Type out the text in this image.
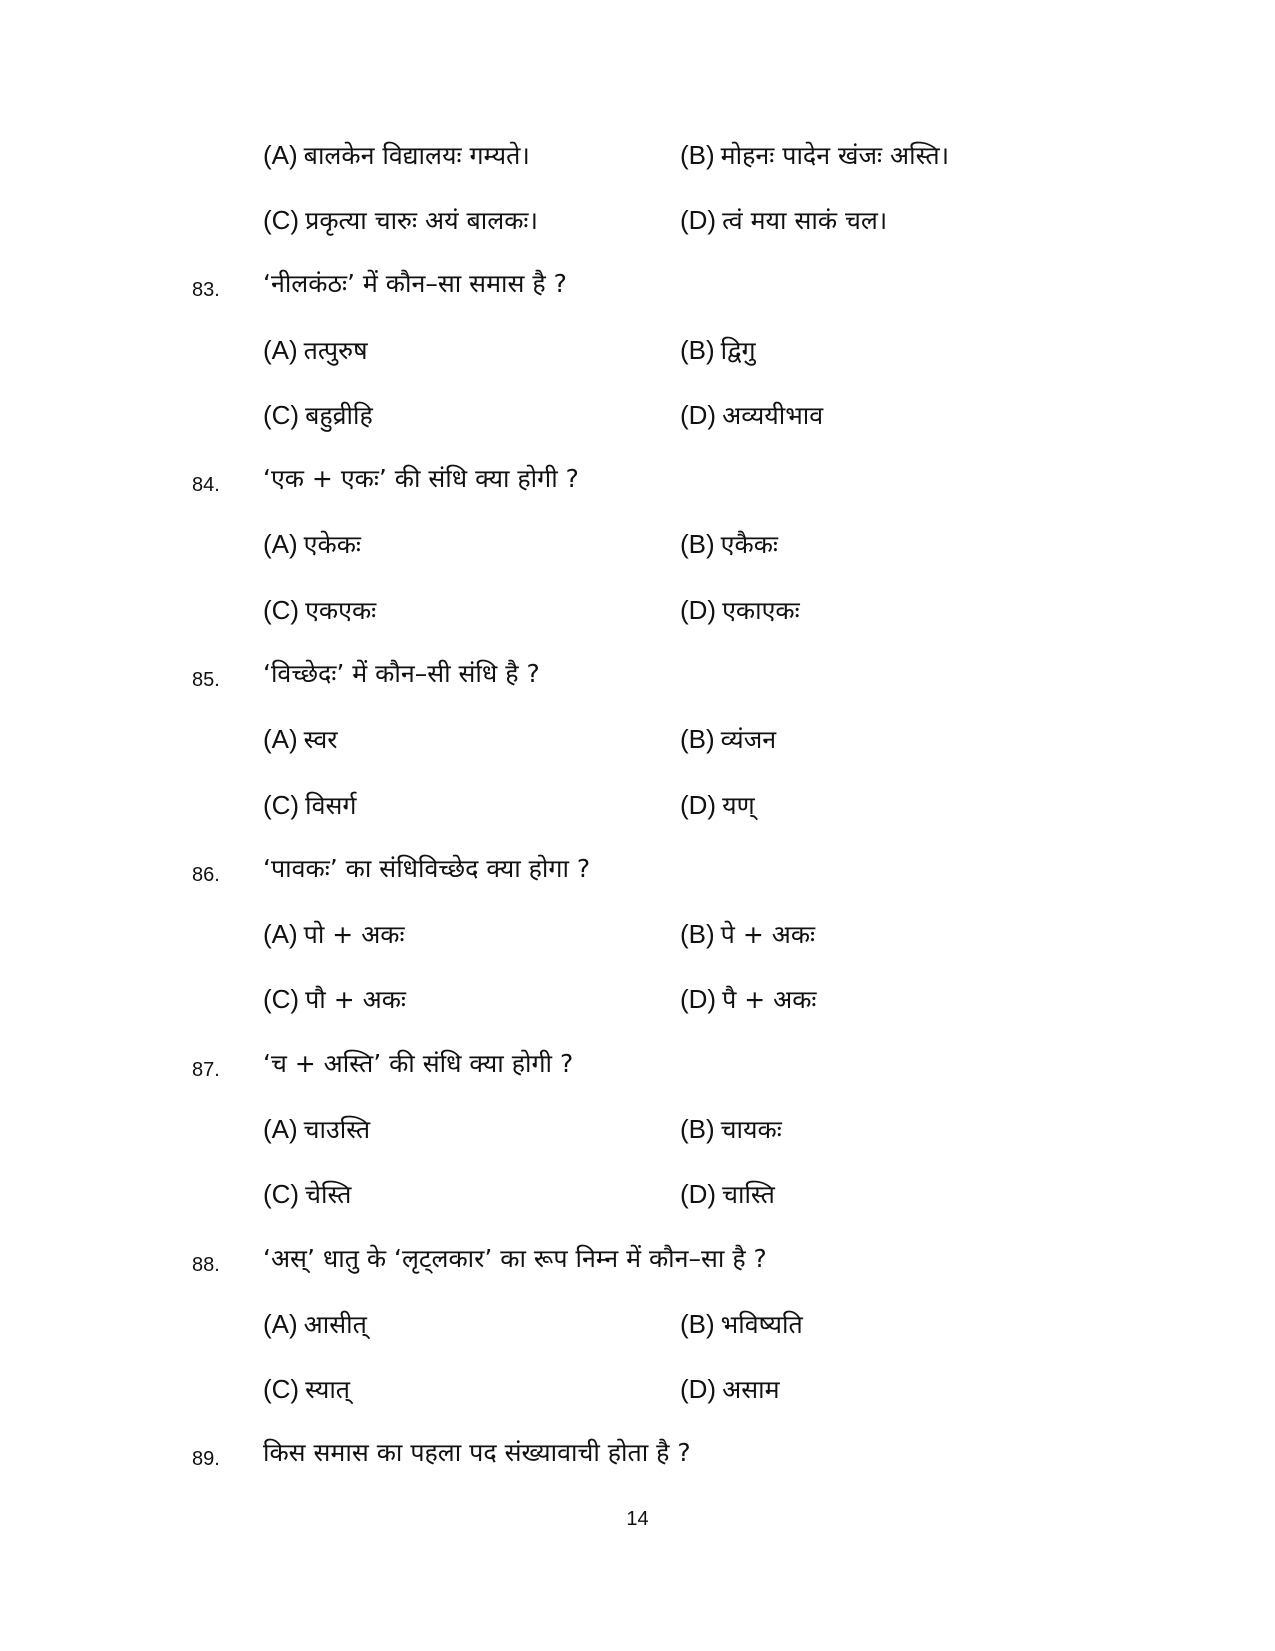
(A) बालकेन विद्यालयः गम्यते।	(B) मोहनः पादेन खंजः अस्ति।
(C) प्रकृत्या चारुः अयं बालकः।	(D) त्वं मया साकं चल।
83. ‘नीलकंठः’ में कौन–सा समास है ?
(A) तत्पुरुष	(B) द्विगु
(C) बहुव्रीहि	(D) अव्ययीभाव
84. ‘एक + एकः’ की संधि क्या होगी ?
(A) एकेकः	(B) एकैकः
(C) एकएकः	(D) एकाएकः
85. ‘विच्छेदः’ में कौन–सी संधि है ?
(A) स्वर	(B) व्यंजन
(C) विसर्ग	(D) यण्
86. ‘पावकः’ का संधिविच्छेद क्या होगा ?
(A) पो + अकः	(B) पे + अकः
(C) पौ + अकः	(D) पै + अकः
87. ‘च + अस्ति’ की संधि क्या होगी ?
(A) चाउस्ति	(B) चायकः
(C) चेस्ति	(D) चास्ति
88. ‘अस्’ धातु के ‘लृट्लकार’ का रूप निम्न में कौन–सा है ?
(A) आसीत्	(B) भविष्यति
(C) स्यात्	(D) असाम
89. किस समास का पहला पद संख्यावाची होता है ?
14
